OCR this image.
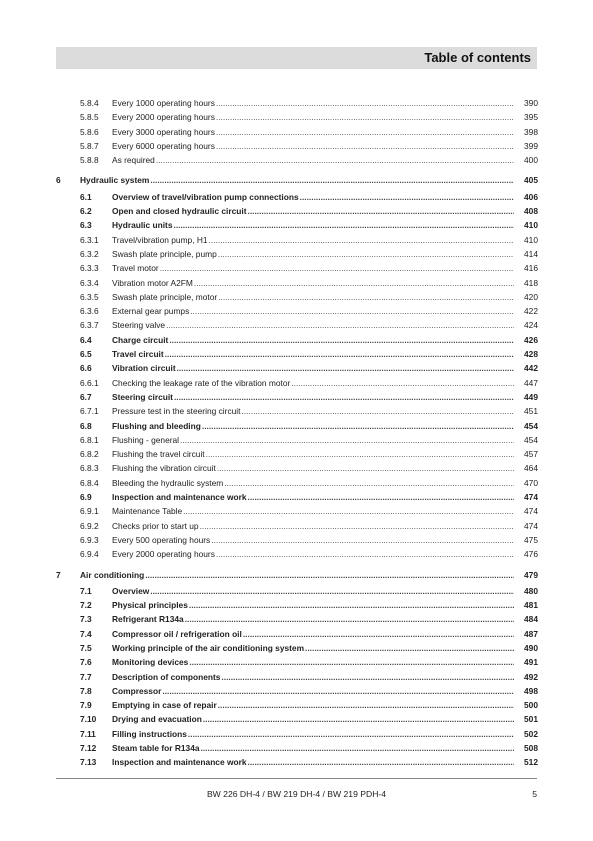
Table of contents
5.8.4	Every 1000 operating hours .....	390
5.8.5	Every 2000 operating hours .....	395
5.8.6	Every 3000 operating hours .....	398
5.8.7	Every 6000 operating hours .....	399
5.8.8	As required .....	400
6 Hydraulic system .....	405
6.1	Overview of travel/vibration pump connections .....	406
6.2	Open and closed hydraulic circuit .....	408
6.3	Hydraulic units .....	410
6.3.1	Travel/vibration pump, H1 .....	410
6.3.2	Swash plate principle, pump .....	414
6.3.3	Travel motor .....	416
6.3.4	Vibration motor A2FM .....	418
6.3.5	Swash plate principle, motor .....	420
6.3.6	External gear pumps .....	422
6.3.7	Steering valve .....	424
6.4	Charge circuit .....	426
6.5	Travel circuit .....	428
6.6	Vibration circuit .....	442
6.6.1	Checking the leakage rate of the vibration motor .....	447
6.7	Steering circuit .....	449
6.7.1	Pressure test in the steering circuit .....	451
6.8	Flushing and bleeding .....	454
6.8.1	Flushing - general .....	454
6.8.2	Flushing the travel circuit .....	457
6.8.3	Flushing the vibration circuit .....	464
6.8.4	Bleeding the hydraulic system .....	470
6.9	Inspection and maintenance work .....	474
6.9.1	Maintenance Table .....	474
6.9.2	Checks prior to start up .....	474
6.9.3	Every 500 operating hours .....	475
6.9.4	Every 2000 operating hours .....	476
7 Air conditioning .....	479
7.1	Overview .....	480
7.2	Physical principles .....	481
7.3	Refrigerant R134a .....	484
7.4	Compressor oil / refrigeration oil .....	487
7.5	Working principle of the air conditioning system .....	490
7.6	Monitoring devices .....	491
7.7	Description of components .....	492
7.8	Compressor .....	498
7.9	Emptying in case of repair .....	500
7.10	Drying and evacuation .....	501
7.11	Filling instructions .....	502
7.12	Steam table for R134a .....	508
7.13	Inspection and maintenance work .....	512
BW 226 DH-4 / BW 219 DH-4 / BW 219 PDH-4	5
